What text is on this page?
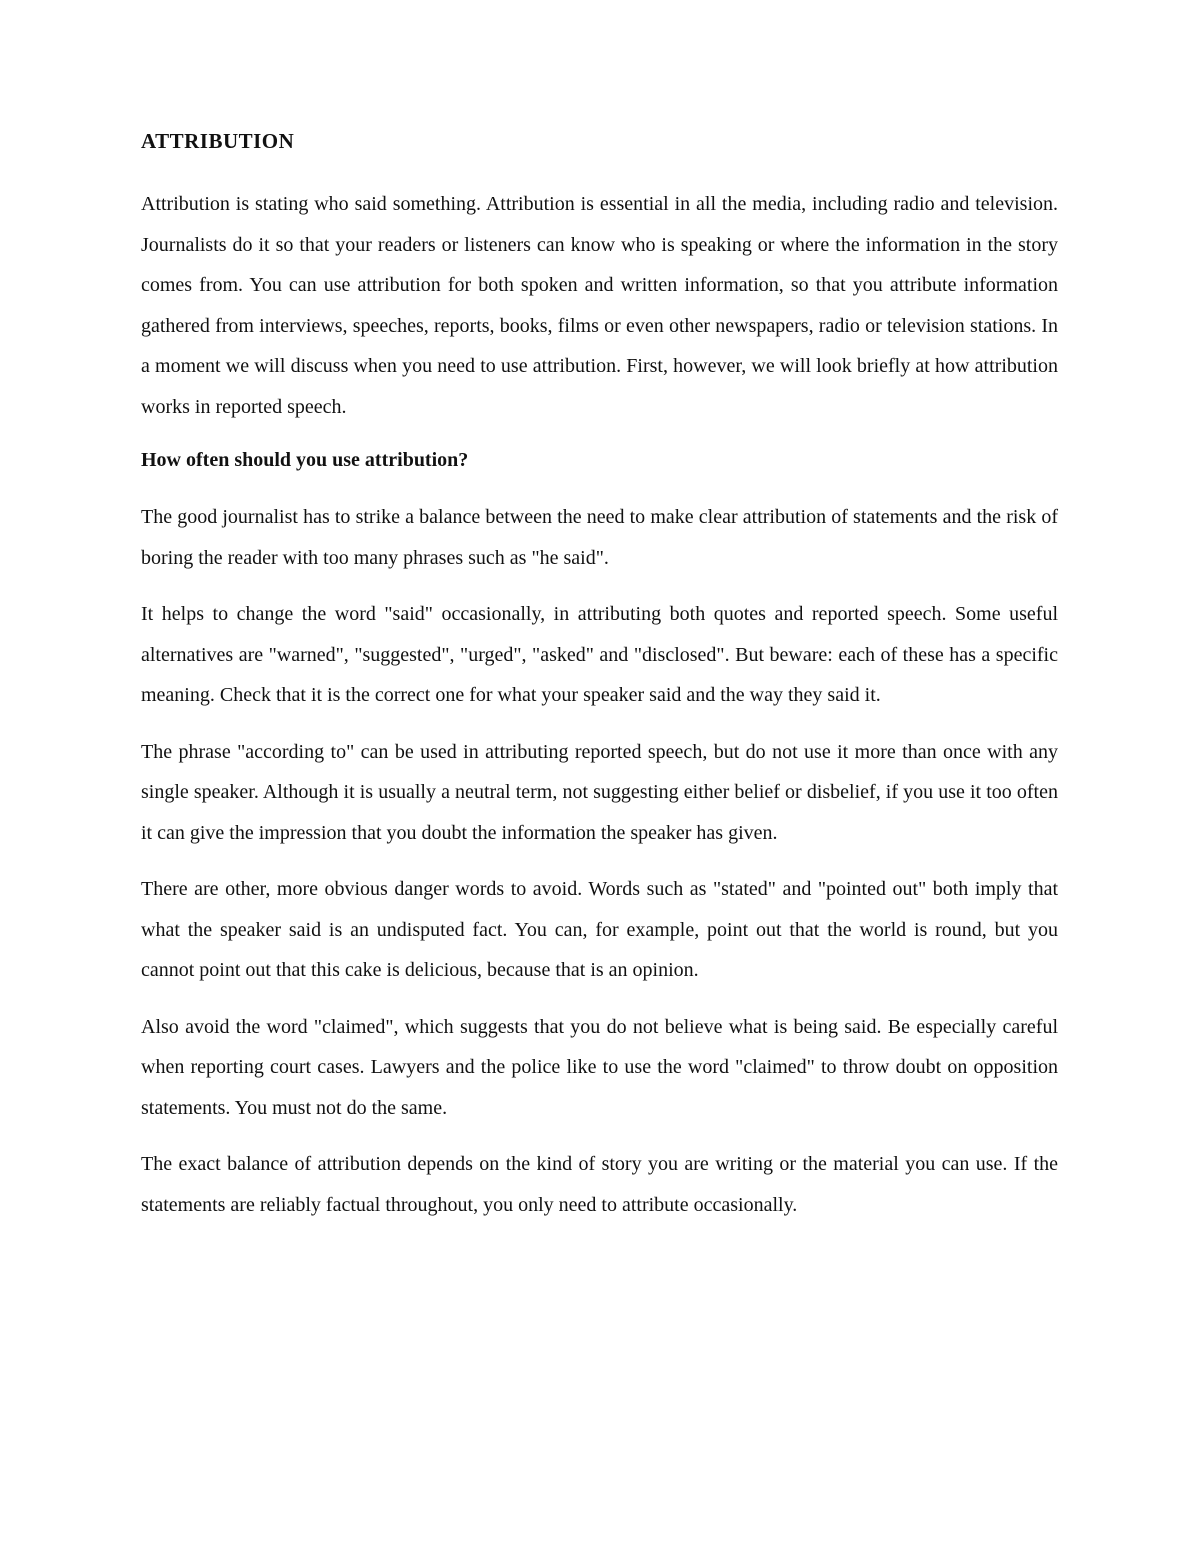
ATTRIBUTION

Attribution is stating who said something. Attribution is essential in all the media, including radio and television. Journalists do it so that your readers or listeners can know who is speaking or where the information in the story comes from. You can use attribution for both spoken and written information, so that you attribute information gathered from interviews, speeches, reports, books, films or even other newspapers, radio or television stations. In a moment we will discuss when you need to use attribution. First, however, we will look briefly at how attribution works in reported speech.

How often should you use attribution?

The good journalist has to strike a balance between the need to make clear attribution of statements and the risk of boring the reader with too many phrases such as "he said".

It helps to change the word "said" occasionally, in attributing both quotes and reported speech. Some useful alternatives are "warned", "suggested", "urged", "asked" and "disclosed". But beware: each of these has a specific meaning. Check that it is the correct one for what your speaker said and the way they said it.

The phrase "according to" can be used in attributing reported speech, but do not use it more than once with any single speaker. Although it is usually a neutral term, not suggesting either belief or disbelief, if you use it too often it can give the impression that you doubt the information the speaker has given.

There are other, more obvious danger words to avoid. Words such as "stated" and "pointed out" both imply that what the speaker said is an undisputed fact. You can, for example, point out that the world is round, but you cannot point out that this cake is delicious, because that is an opinion.

Also avoid the word "claimed", which suggests that you do not believe what is being said. Be especially careful when reporting court cases. Lawyers and the police like to use the word "claimed" to throw doubt on opposition statements. You must not do the same.

The exact balance of attribution depends on the kind of story you are writing or the material you can use. If the statements are reliably factual throughout, you only need to attribute occasionally.
